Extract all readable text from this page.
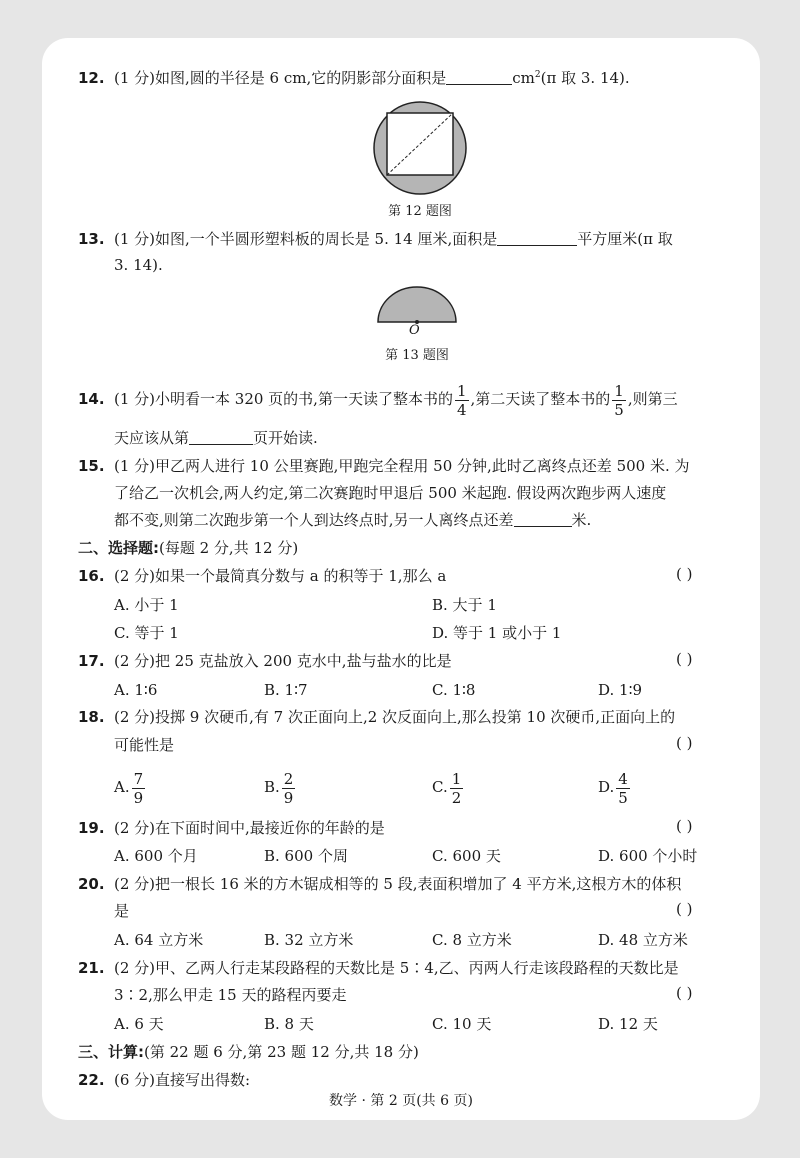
12. (1 分)如图,圆的半径是 6 cm,它的阴影部分面积是	$cm^2(\pi$ 取 3. 14).
第 12 题图
13. (1 分)如图,一个半圆形塑料板的周长是 5. 14 厘米,面积是	平方厘米(π 取
3. 14).
O
第 13 题图
14. (1 分)小明看一本 320 页的书,第一天读了整本书的 $\frac{1}{4}$ ,第二天读了整本书的 $\frac{1}{5}$ ,则第三
天应该从第	页开始读.
15. (1 分)甲乙两人进行 10 公里赛跑,甲跑完全程用 50 分钟,此时乙离终点还差 500 米. 为
了给乙一次机会,两人约定,第二次赛跑时甲退后 500 米起跑. 假设两次跑步两人速度
都不变,则第二次跑步第一个人到达终点时,另一人离终点还差	米.
二、选择题:(每题 2 分,共 12 分)
16. (2 分)如果一个最简真分数与 a 的积等于 1,那么 a	( )
A. 小于 1	B. 大于 1
C. 等于 1	D. 等于 1 或小于 1
17. (2 分)把 25 克盐放入 200 克水中,盐与盐水的比是	( )
A. 1∶6	B. 1∶7	C. 1∶8	D. 1∶9
18. (2 分)投掷 9 次硬币,有 7 次正面向上,2 次反面向上,那么投第 10 次硬币,正面向上的
可能性是	( )
A. $\frac{7}{9}$	B. $\frac{2}{9}$	C. $\frac{1}{2}$	D. $\frac{4}{5}$
19. (2 分)在下面时间中,最接近你的年龄的是	( )
A. 600 个月	B. 600 个周	C. 600 天	D. 600 个小时
20. (2 分)把一根长 16 米的方木锯成相等的 5 段,表面积增加了 4 平方米,这根方木的体积
是	( )
A. 64 立方米	B. 32 立方米	C. 8 立方米	D. 48 立方米
21. (2 分)甲、乙两人行走某段路程的天数比是 5∶4,乙、丙两人行走该段路程的天数比是
3∶2,那么甲走 15 天的路程丙要走	( )
A. 6 天	B. 8 天	C. 10 天	D. 12 天
三、计算:(第 22 题 6 分,第 23 题 12 分,共 18 分)
22. (6 分)直接写出得数:
数学 · 第 2 页(共 6 页)
